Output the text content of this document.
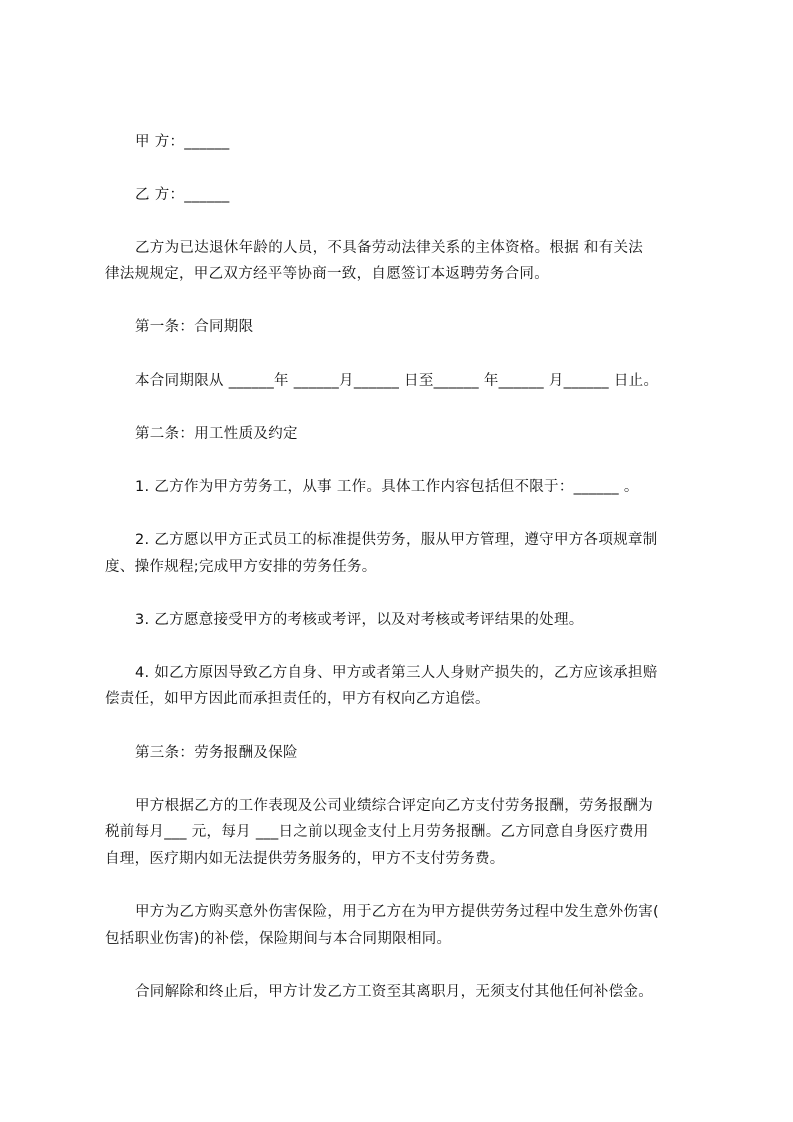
甲 方：______
乙 方：______
乙方为已达退休年龄的人员，不具备劳动法律关系的主体资格。根据 和有关法
律法规规定，甲乙双方经平等协商一致，自愿签订本返聘劳务合同。
第一条：合同期限
本合同期限从 ______年 ______月______ 日至______ 年______ 月______ 日止。
第二条：用工性质及约定
1. 乙方作为甲方劳务工，从事 工作。具体工作内容包括但不限于：______ 。
2. 乙方愿以甲方正式员工的标准提供劳务，服从甲方管理，遵守甲方各项规章制
度、操作规程;完成甲方安排的劳务任务。
3. 乙方愿意接受甲方的考核或考评，以及对考核或考评结果的处理。
4. 如乙方原因导致乙方自身、甲方或者第三人人身财产损失的，乙方应该承担赔
偿责任，如甲方因此而承担责任的，甲方有权向乙方追偿。
第三条：劳务报酬及保险
甲方根据乙方的工作表现及公司业绩综合评定向乙方支付劳务报酬，劳务报酬为
税前每月___ 元，每月 ___日之前以现金支付上月劳务报酬。乙方同意自身医疗费用
自理，医疗期内如无法提供劳务服务的，甲方不支付劳务费。
甲方为乙方购买意外伤害保险，用于乙方在为甲方提供劳务过程中发生意外伤害(
包括职业伤害)的补偿，保险期间与本合同期限相同。
合同解除和终止后，甲方计发乙方工资至其离职月，无须支付其他任何补偿金。
